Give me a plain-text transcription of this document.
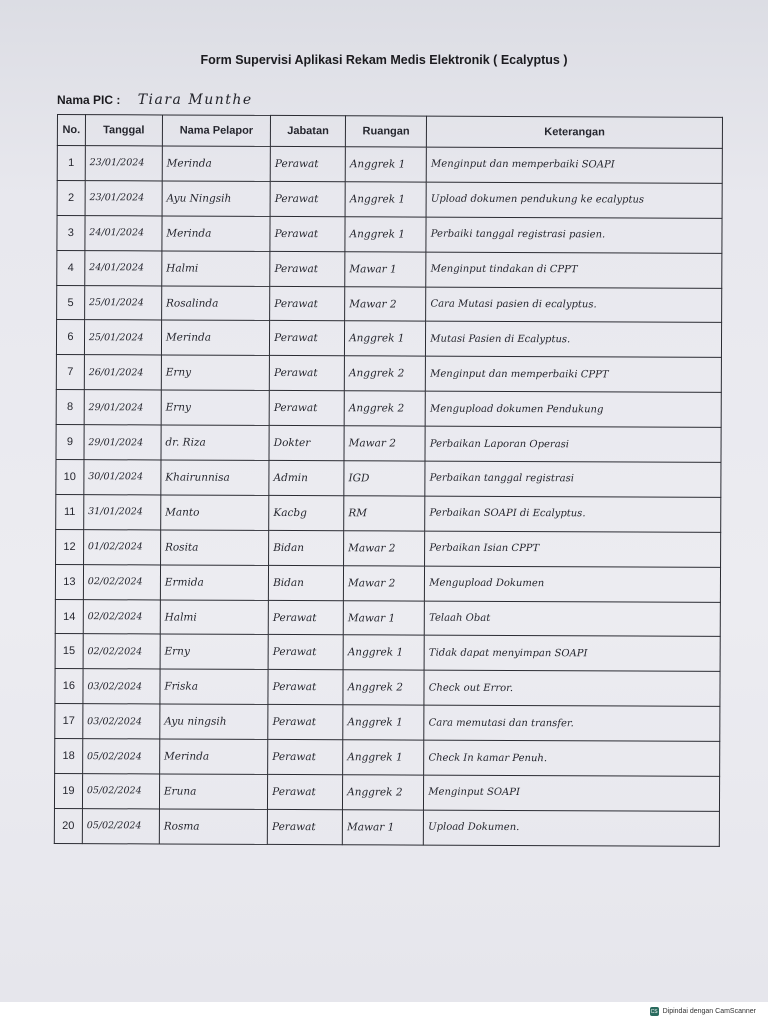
Form Supervisi Aplikasi Rekam Medis Elektronik ( Ecalyptus )
Nama PIC : Tiara Munthe
No.	Tanggal	Nama Pelapor	Jabatan	Ruangan	Keterangan
1	23/01/2024	Merinda	Perawat	Anggrek 1	Menginput dan memperbaiki SOAPI
2	23/01/2024	Ayu Ningsih	Perawat	Anggrek 1	Upload dokumen pendukung ke ecalyptus
3	24/01/2024	Merinda	Perawat	Anggrek 1	Perbaiki tanggal registrasi pasien.
4	24/01/2024	Halmi	Perawat	Mawar 1	Menginput tindakan di CPPT
5	25/01/2024	Rosalinda	Perawat	Mawar 2	Cara Mutasi pasien di ecalyptus.
6	25/01/2024	Merinda	Perawat	Anggrek 1	Mutasi Pasien di Ecalyptus.
7	26/01/2024	Erny	Perawat	Anggrek 2	Menginput dan memperbaiki CPPT
8	29/01/2024	Erny	Perawat	Anggrek 2	Mengupload dokumen Pendukung
9	29/01/2024	dr. Riza	Dokter	Mawar 2	Perbaikan Laporan Operasi
10	30/01/2024	Khairunnisa	Admin	IGD	Perbaikan tanggal registrasi
11	31/01/2024	Manto	Kacbg	RM	Perbaikan SOAPI di Ecalyptus.
12	01/02/2024	Rosita	Bidan	Mawar 2	Perbaikan Isian CPPT
13	02/02/2024	Ermida	Bidan	Mawar 2	Mengupload Dokumen
14	02/02/2024	Halmi	Perawat	Mawar 1	Telaah Obat
15	02/02/2024	Erny	Perawat	Anggrek 1	Tidak dapat menyimpan SOAPI
16	03/02/2024	Friska	Perawat	Anggrek 2	Check out Error.
17	03/02/2024	Ayu ningsih	Perawat	Anggrek 1	Cara memutasi dan transfer.
18	05/02/2024	Merinda	Perawat	Anggrek 1	Check In kamar Penuh.
19	05/02/2024	Eruna	Perawat	Anggrek 2	Menginput SOAPI
20	05/02/2024	Rosma	Perawat	Mawar 1	Upload Dokumen.
CS Dipindai dengan CamScanner
